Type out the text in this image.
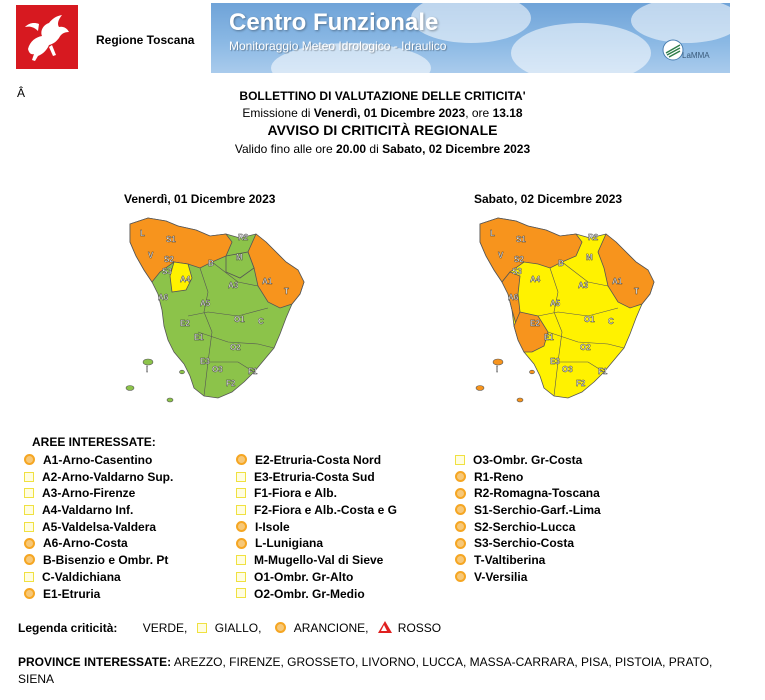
Regione Toscana
Centro Funzionale
Monitoraggio Meteo Idrologico - Idraulico
LaMMA
Â	BOLLETTINO DI VALUTAZIONE DELLE CRITICITA'
Emissione di Venerdì, 01 Dicembre 2023, ore 13.18
AVVISO DI CRITICITÀ REGIONALE
Valido fino alle ore 20.00 di Sabato, 02 Dicembre 2023
Venerdì, 01 Dicembre 2023	Sabato, 02 Dicembre 2023
L
V
S1
S2
S3
B
R2
M
A4
A3	A1
T
A6
A5
O1 C
E2
E1
O2
I
E3
O3	F1
F2
L
V
S1
S2
S3
B
R2
M
A4
A3	A1
T
A6
A5
O1 C
E2
E1
O2
I
E3
O3	F1
F2
AREE INTERESSATE:
A1-Arno-Casentino
A2-Arno-Valdarno Sup.
A3-Arno-Firenze
A4-Valdarno Inf.
A5-Valdelsa-Valdera
A6-Arno-Costa
B-Bisenzio e Ombr. Pt
C-Valdichiana
E1-Etruria
E2-Etruria-Costa Nord
E3-Etruria-Costa Sud
F1-Fiora e Alb.
F2-Fiora e Alb.-Costa e G
I-Isole
L-Lunigiana
M-Mugello-Val di Sieve
O1-Ombr. Gr-Alto
O2-Ombr. Gr-Medio
O3-Ombr. Gr-Costa
R1-Reno
R2-Romagna-Toscana
S1-Serchio-Garf.-Lima
S2-Serchio-Lucca
S3-Serchio-Costa
T-Valtiberina
V-Versilia
Legenda criticità: VERDE, GIALLO,	ARANCIONE, ROSSO
PROVINCE INTERESSATE: AREZZO, FIRENZE, GROSSETO, LIVORNO, LUCCA, MASSA-CARRARA, PISA, PISTOIA, PRATO, SIENA
